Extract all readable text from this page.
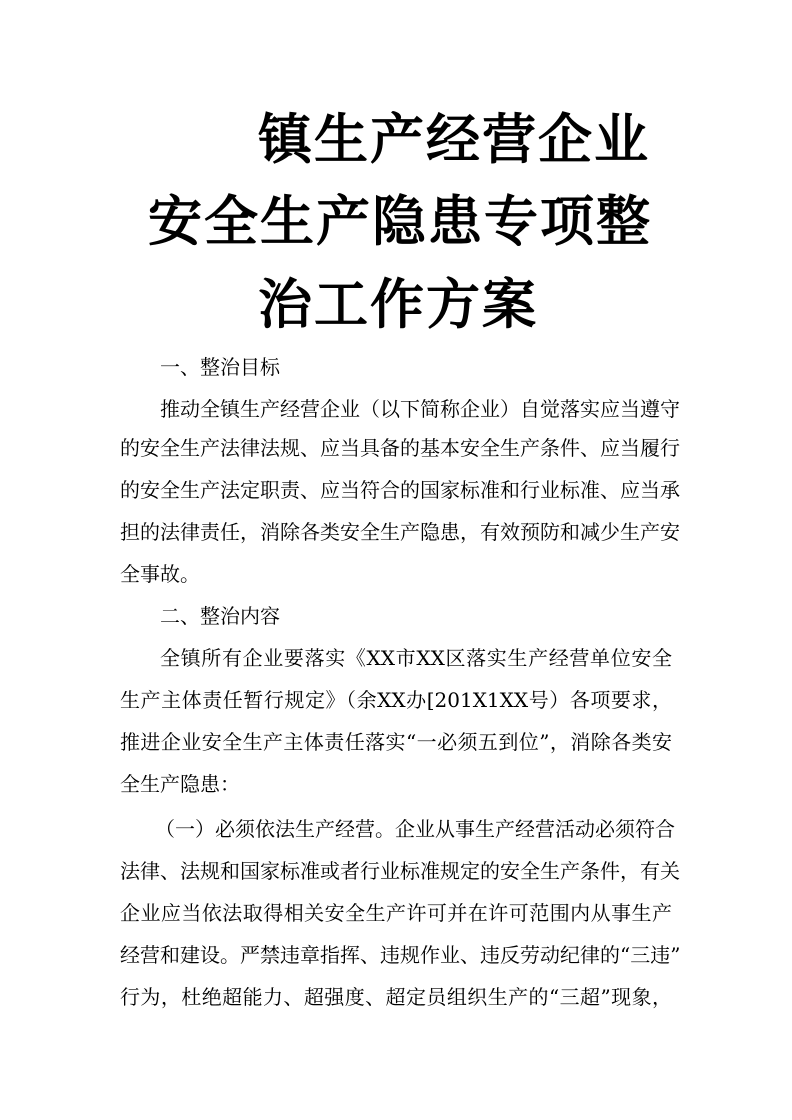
镇生产经营企业
安全生产隐患专项整
治工作方案
一、整治目标
推动全镇生产经营企业（以下简称企业）自觉落实应当遵守
的安全生产法律法规、应当具备的基本安全生产条件、应当履行
的安全生产法定职责、应当符合的国家标准和行业标准、应当承
担的法律责任，消除各类安全生产隐患，有效预防和减少生产安
全事故。
二、整治内容
全镇所有企业要落实《XX市XX区落实生产经营单位安全
生产主体责任暂行规定》（余XX办[201X1XX号）各项要求，
推进企业安全生产主体责任落实“一必须五到位”，消除各类安
全生产隐患：
（一）必须依法生产经营。企业从事生产经营活动必须符合
法律、法规和国家标准或者行业标准规定的安全生产条件，有关
企业应当依法取得相关安全生产许可并在许可范围内从事生产
经营和建设。严禁违章指挥、违规作业、违反劳动纪律的“三违”
行为，杜绝超能力、超强度、超定员组织生产的“三超”现象，
